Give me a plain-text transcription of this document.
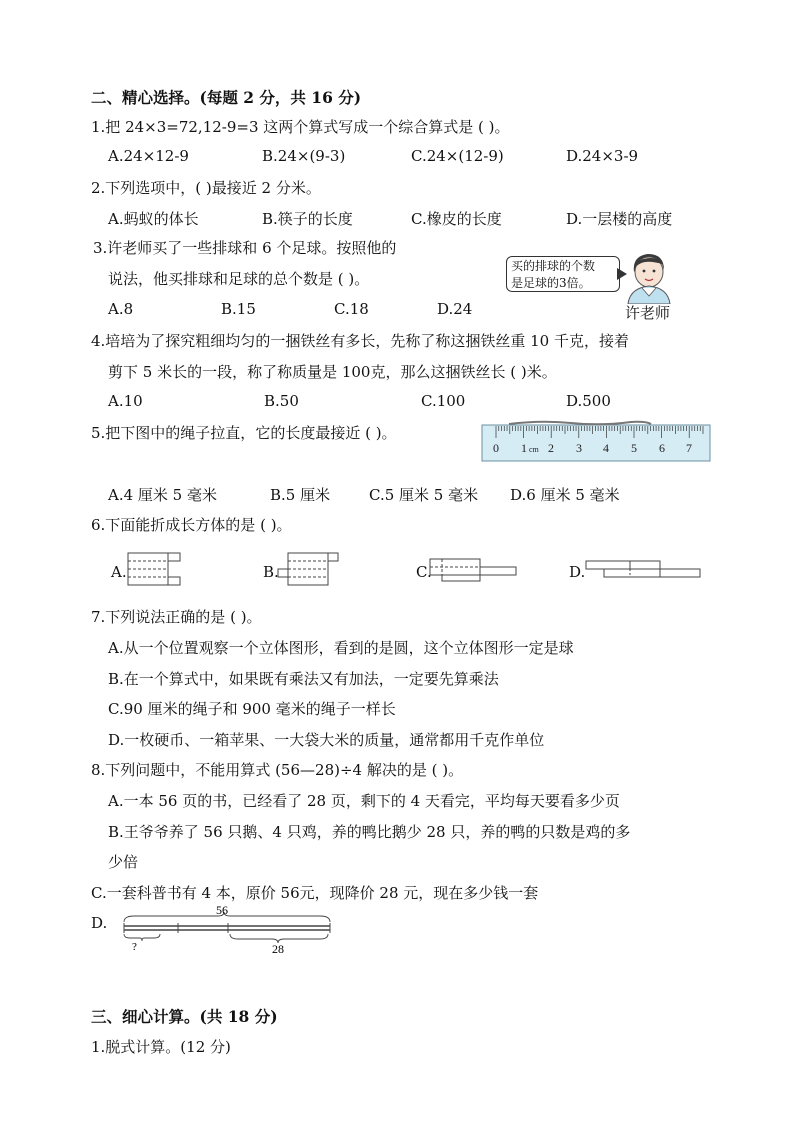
二、精心选择。(每题 2 分，共 16 分)
1.把 24×3=72,12-9=3 这两个算式写成一个综合算式是 ( )。
A.24×12-9	B.24×(9-3)	C.24×(12-9)	D.24×3-9
2.下列选项中，( )最接近 2 分米。
A.蚂蚁的体长	B.筷子的长度	C.橡皮的长度	D.一层楼的高度
3.许老师买了一些排球和 6 个足球。按照他的
说法，他买排球和足球的总个数是 ( )。
买的排球的个数
是足球的3倍。
许老师
A.8	B.15	C.18	D.24
4.培培为了探究粗细均匀的一捆铁丝有多长，先称了称这捆铁丝重 10 千克，接着
剪下 5 米长的一段，称了称质量是 100克，那么这捆铁丝长 ( )米。
A.10	B.50	C.100	D.500
5.把下图中的绳子拉直，它的长度最接近 ( )。
0 1 cm 2 3 4 5 6 7
A.4 厘米 5 毫米	B.5 厘米	C.5 厘米 5 毫米 D.6 厘米 5 毫米
6.下面能折成长方体的是 ( )。
A.	B.	C.	D.
7.下列说法正确的是 ( )。
A.从一个位置观察一个立体图形，看到的是圆，这个立体图形一定是球
B.在一个算式中，如果既有乘法又有加法，一定要先算乘法
C.90 厘米的绳子和 900 毫米的绳子一样长
D.一枚硬币、一箱苹果、一大袋大米的质量，通常都用千克作单位
8.下列问题中，不能用算式 (56—28)÷4 解决的是 ( )。
A.一本 56 页的书，已经看了 28 页，剩下的 4 天看完，平均每天要看多少页
B.王爷爷养了 56 只鹅、4 只鸡，养的鸭比鹅少 28 只，养的鸭的只数是鸡的多
少倍
C.一套科普书有 4 本，原价 56元，现降价 28 元，现在多少钱一套
D.
56
?	28
三、细心计算。(共 18 分)
1.脱式计算。(12 分)
